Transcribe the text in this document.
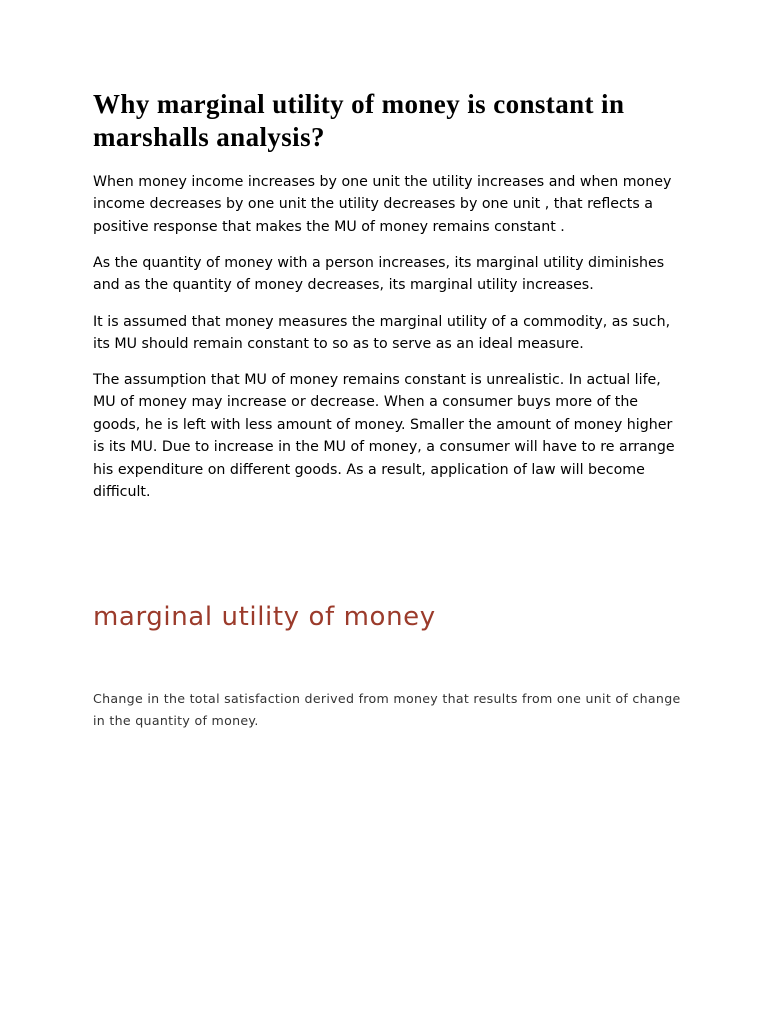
Why marginal utility of money is constant in marshalls analysis?

When money income increases by one unit the utility increases and when money income decreases by one unit the utility decreases by one unit , that reflects a positive response that makes the MU of money remains constant .

As the quantity of money with a person increases, its marginal utility diminishes and as the quantity of money decreases, its marginal utility increases.

It is assumed that money measures the marginal utility of a commodity, as such, its MU should remain constant to so as to serve as an ideal measure.

The assumption that MU of money remains constant is unrealistic. In actual life, MU of money may increase or decrease. When a consumer buys more of the goods, he is left with less amount of money. Smaller the amount of money higher is its MU. Due to increase in the MU of money, a consumer will have to re arrange his expenditure on different goods. As a result, application of law will become difficult.

marginal utility of money

Change in the total satisfaction derived from money that results from one unit of change in the quantity of money.
